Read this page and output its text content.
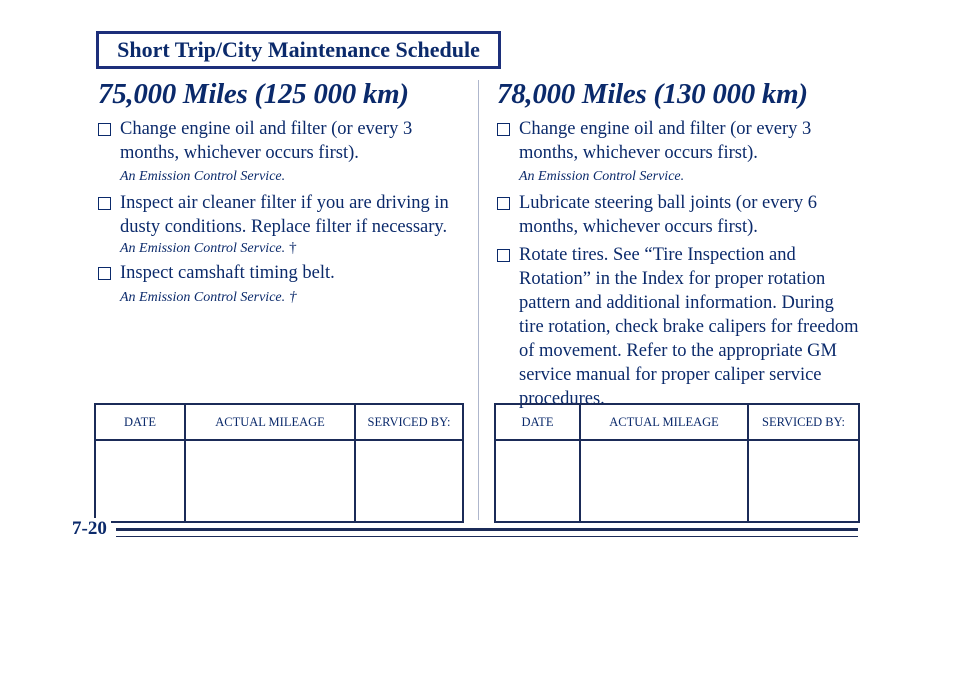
Short Trip/City Maintenance Schedule
75,000 Miles (125 000 km)
Change engine oil and filter (or every 3 months, whichever occurs first).
An Emission Control Service.
Inspect air cleaner filter if you are driving in dusty conditions. Replace filter if necessary. An Emission Control Service. †
Inspect camshaft timing belt.
An Emission Control Service. †
78,000 Miles (130 000 km)
Change engine oil and filter (or every 3 months, whichever occurs first).
An Emission Control Service.
Lubricate steering ball joints (or every 6 months, whichever occurs first).
Rotate tires. See “Tire Inspection and Rotation” in the Index for proper rotation pattern and additional information. During tire rotation, check brake calipers for freedom of movement. Refer to the appropriate GM service manual for proper caliper service procedures.
DATE	ACTUAL MILEAGE	SERVICED BY:
			DATE	ACTUAL MILEAGE	SERVICED BY:

7-20
